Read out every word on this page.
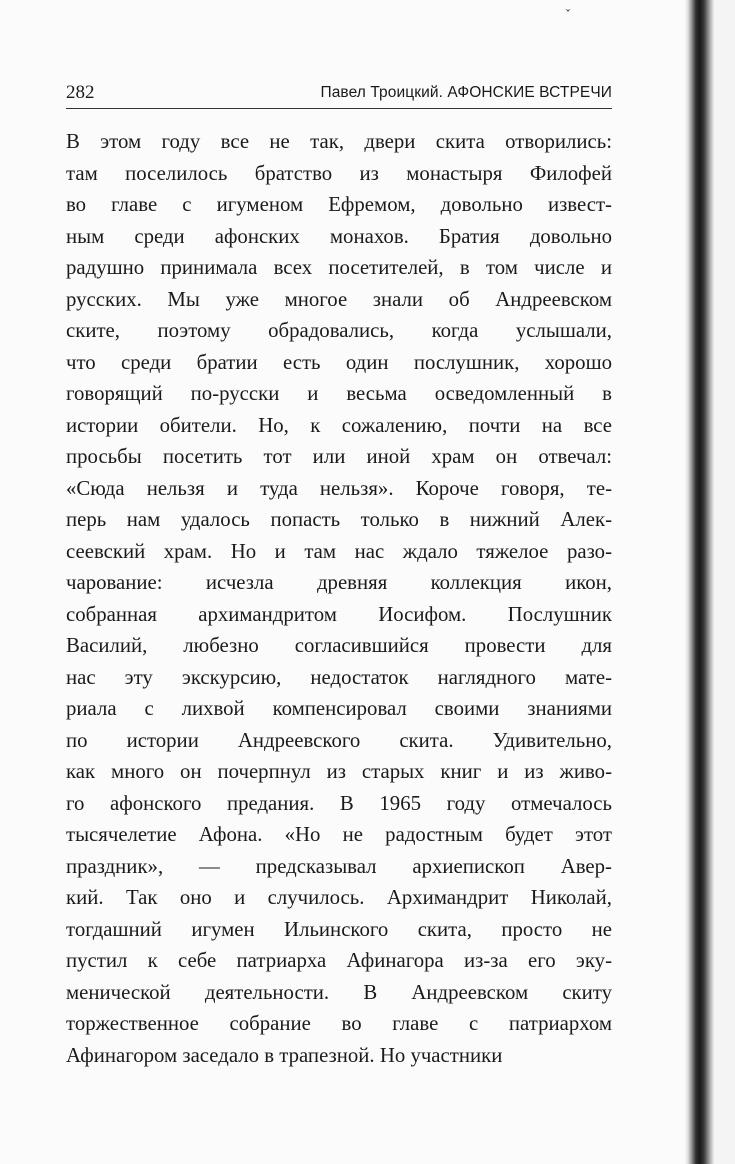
ˇ
282	Павел Троицкий. АФОНСКИЕ ВСТРЕЧИ
В этом году все не так, двери скита отворились:
там поселилось братство из монастыря Филофей
во главе с игуменом Ефремом, довольно извест-
ным среди афонских монахов. Братия довольно
радушно принимала всех посетителей, в том числе и
русских. Мы уже многое знали об Андреевском
ските, поэтому обрадовались, когда услышали,
что среди братии есть один послушник, хорошо
говорящий по-русски и весьма осведомленный в
истории обители. Но, к сожалению, почти на все
просьбы посетить тот или иной храм он отвечал:
«Сюда нельзя и туда нельзя». Короче говоря, те-
перь нам удалось попасть только в нижний Алек-
сеевский храм. Но и там нас ждало тяжелое разо-
чарование: исчезла древняя коллекция икон,
собранная архимандритом Иосифом. Послушник
Василий, любезно согласившийся провести для
нас эту экскурсию, недостаток наглядного мате-
риала с лихвой компенсировал своими знаниями
по истории Андреевского скита. Удивительно,
как много он почерпнул из старых книг и из живо-
го афонского предания. В 1965 году отмечалось
тысячелетие Афона. «Но не радостным будет этот
праздник», — предсказывал архиепископ Авер-
кий. Так оно и случилось. Архимандрит Николай,
тогдашний игумен Ильинского скита, просто не
пустил к себе патриарха Афинагора из-за его эку-
менической деятельности. В Андреевском скиту
торжественное собрание во главе с патриархом
Афинагором заседало в трапезной. Но участники
